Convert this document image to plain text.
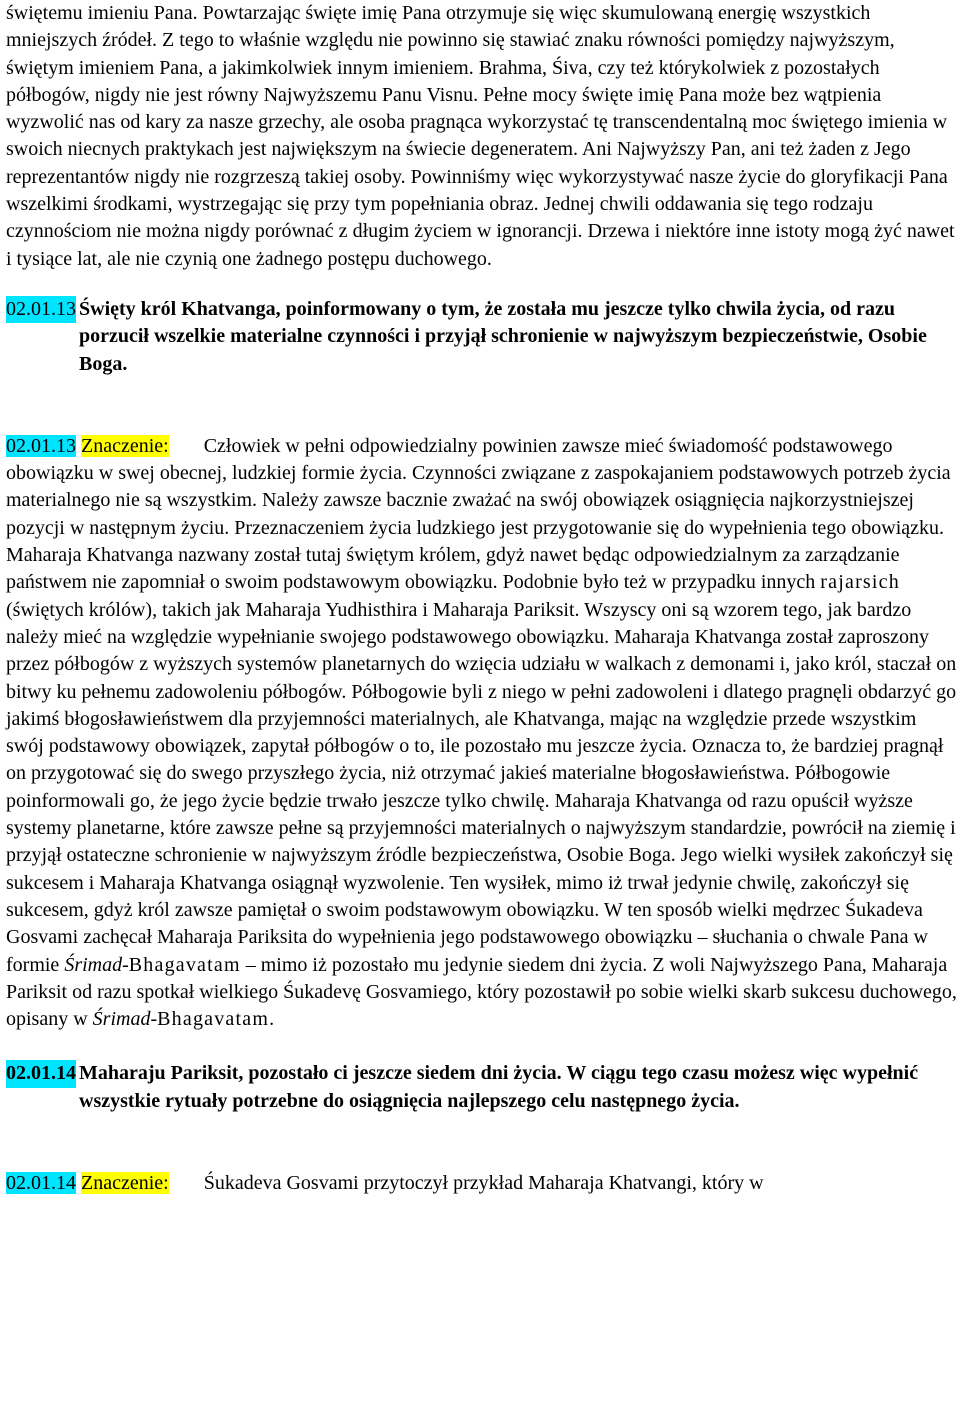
świętemu imieniu Pana. Powtarzając święte imię Pana otrzymuje się więc skumulowaną energię wszystkich mniejszych źródeł. Z tego to właśnie względu nie powinno się stawiać znaku równości pomiędzy najwyższym, świętym imieniem Pana, a jakimkolwiek innym imieniem. Brahma, Śiva, czy też którykolwiek z pozostałych półbogów, nigdy nie jest równy Najwyższemu Panu Visnu. Pełne mocy święte imię Pana może bez wątpienia wyzwolić nas od kary za nasze grzechy, ale osoba pragnąca wykorzystać tę transcendentalną moc świętego imienia w swoich niecnych praktykach jest największym na świecie degeneratem. Ani Najwyższy Pan, ani też żaden z Jego reprezentantów nigdy nie rozgrzeszą takiej osoby. Powinniśmy więc wykorzystywać nasze życie do gloryfikacji Pana wszelkimi środkami, wystrzegając się przy tym popełniania obraz. Jednej chwili oddawania się tego rodzaju czynnościom nie można nigdy porównać z długim życiem w ignorancji. Drzewa i niektóre inne istoty mogą żyć nawet i tysiące lat, ale nie czynią one żadnego postępu duchowego.

02.01.13 Święty król Khatvanga, poinformowany o tym, że została mu jeszcze tylko chwila życia, od razu porzucił wszelkie materialne czynności i przyjął schronienie w najwyższym bezpieczeństwie, Osobie Boga.

02.01.13 Znaczenie: Człowiek w pełni odpowiedzialny powinien zawsze mieć świadomość podstawowego obowiązku w swej obecnej, ludzkiej formie życia. Czynności związane z zaspokajaniem podstawowych potrzeb życia materialnego nie są wszystkim. Należy zawsze bacznie zważać na swój obowiązek osiągnięcia najkorzystniejszej pozycji w następnym życiu. Przeznaczeniem życia ludzkiego jest przygotowanie się do wypełnienia tego obowiązku. Maharaja Khatvanga nazwany został tutaj świętym królem, gdyż nawet będąc odpowiedzialnym za zarządzanie państwem nie zapomniał o swoim podstawowym obowiązku. Podobnie było też w przypadku innych rajarsich (świętych królów), takich jak Maharaja Yudhisthira i Maharaja Pariksit. Wszyscy oni są wzorem tego, jak bardzo należy mieć na względzie wypełnianie swojego podstawowego obowiązku. Maharaja Khatvanga został zaproszony przez półbogów z wyższych systemów planetarnych do wzięcia udziału w walkach z demonami i, jako król, staczał on bitwy ku pełnemu zadowoleniu półbogów. Półbogowie byli z niego w pełni zadowoleni i dlatego pragnęli obdarzyć go jakimś błogosławieństwem dla przyjemności materialnych, ale Khatvanga, mając na względzie przede wszystkim swój podstawowy obowiązek, zapytał półbogów o to, ile pozostało mu jeszcze życia. Oznacza to, że bardziej pragnął on przygotować się do swego przyszłego życia, niż otrzymać jakieś materialne błogosławieństwa. Półbogowie poinformowali go, że jego życie będzie trwało jeszcze tylko chwilę. Maharaja Khatvanga od razu opuścił wyższe systemy planetarne, które zawsze pełne są przyjemności materialnych o najwyższym standardzie, powrócił na ziemię i przyjął ostateczne schronienie w najwyższym źródle bezpieczeństwa, Osobie Boga. Jego wielki wysiłek zakończył się sukcesem i Maharaja Khatvanga osiągnął wyzwolenie. Ten wysiłek, mimo iż trwał jedynie chwilę, zakończył się sukcesem, gdyż król zawsze pamiętał o swoim podstawowym obowiązku. W ten sposób wielki mędrzec Śukadeva Gosvami zachęcał Maharaja Pariksita do wypełnienia jego podstawowego obowiązku – słuchania o chwale Pana w formie Śrimad-Bhagavatam – mimo iż pozostało mu jedynie siedem dni życia. Z woli Najwyższego Pana, Maharaja Pariksit od razu spotkał wielkiego Śukadevę Gosvamiego, który pozostawił po sobie wielki skarb sukcesu duchowego, opisany w Śrimad-Bhagavatam.

02.01.14 Maharaju Pariksit, pozostało ci jeszcze siedem dni życia. W ciągu tego czasu możesz więc wypełnić wszystkie rytuały potrzebne do osiągnięcia najlepszego celu następnego życia.

02.01.14 Znaczenie: Śukadeva Gosvami przytoczył przykład Maharaja Khatvangi, który w
